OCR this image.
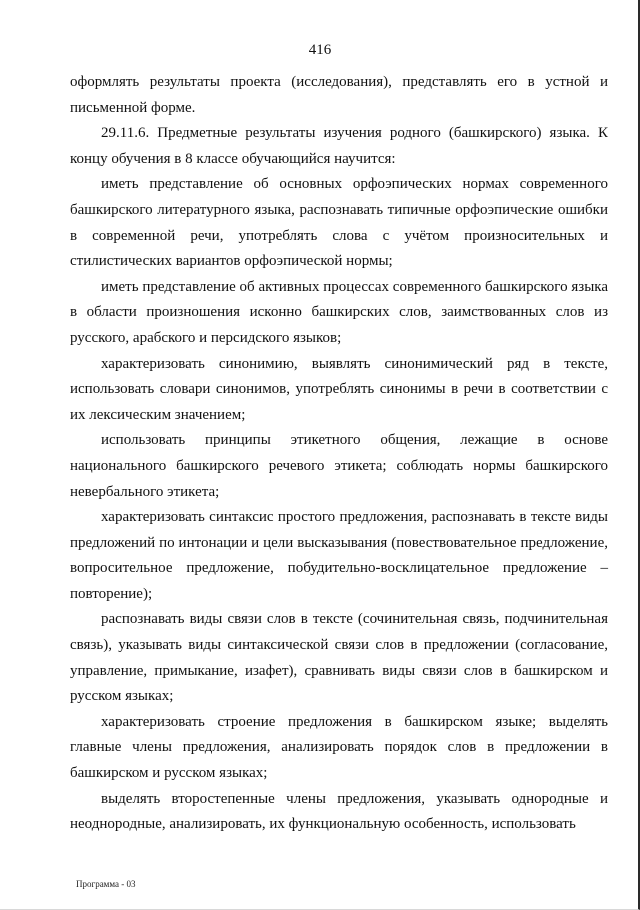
416

оформлять результаты проекта (исследования), представлять его в устной и письменной форме.

29.11.6. Предметные результаты изучения родного (башкирского) языка. К концу обучения в 8 классе обучающийся научится:

иметь представление об основных орфоэпических нормах современного башкирского литературного языка, распознавать типичные орфоэпические ошибки в современной речи, употреблять слова с учётом произносительных и стилистических вариантов орфоэпической нормы;

иметь представление об активных процессах современного башкирского языка в области произношения исконно башкирских слов, заимствованных слов из русского, арабского и персидского языков;

характеризовать синонимию, выявлять синонимический ряд в тексте, использовать словари синонимов, употреблять синонимы в речи в соответствии с их лексическим значением;

использовать принципы этикетного общения, лежащие в основе национального башкирского речевого этикета; соблюдать нормы башкирского невербального этикета;

характеризовать синтаксис простого предложения, распознавать в тексте виды предложений по интонации и цели высказывания (повествовательное предложение, вопросительное предложение, побудительно-восклицательное предложение – повторение);

распознавать виды связи слов в тексте (сочинительная связь, подчинительная связь), указывать виды синтаксической связи слов в предложении (согласование, управление, примыкание, изафет), сравнивать виды связи слов в башкирском и русском языках;

характеризовать строение предложения в башкирском языке; выделять главные члены предложения, анализировать порядок слов в предложении в башкирском и русском языках;

выделять второстепенные члены предложения, указывать однородные и неоднородные, анализировать, их функциональную особенность, использовать

Программа - 03
